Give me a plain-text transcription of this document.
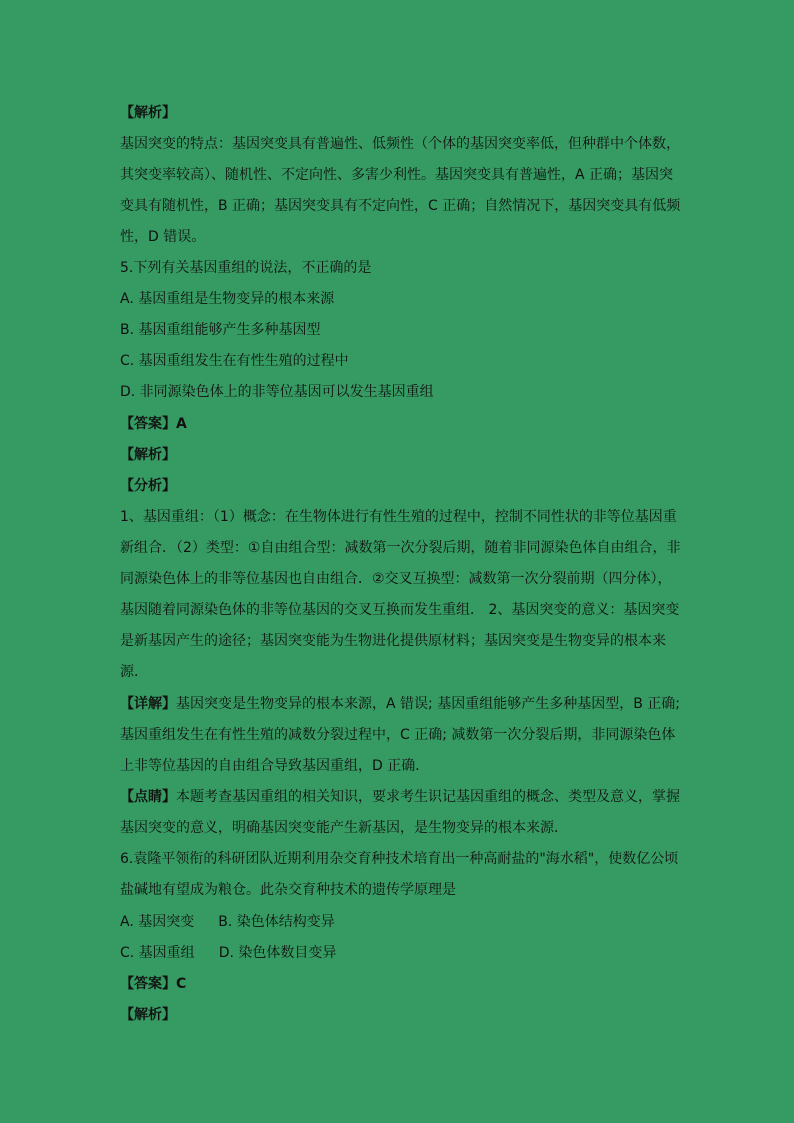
【解析】
基因突变的特点：基因突变具有普遍性、低频性（个体的基因突变率低，但种群中个体数，
其突变率较高）、随机性、不定向性、多害少利性。基因突变具有普遍性，A 正确；基因突
变具有随机性，B 正确；基因突变具有不定向性，C 正确；自然情况下，基因突变具有低频
性，D 错误。
5.下列有关基因重组的说法，不正确的是
A. 基因重组是生物变异的根本来源
B. 基因重组能够产生多种基因型
C. 基因重组发生在有性生殖的过程中
D. 非同源染色体上的非等位基因可以发生基因重组
【答案】A
【解析】
【分析】
1、基因重组：（1）概念：在生物体进行有性生殖的过程中，控制不同性状的非等位基因重
新组合．（2）类型：①自由组合型：减数第一次分裂后期，随着非同源染色体自由组合，非
同源染色体上的非等位基因也自由组合．②交叉互换型：减数第一次分裂前期（四分体），
基因随着同源染色体的非等位基因的交叉互换而发生重组． 2、基因突变的意义：基因突变
是新基因产生的途径；基因突变能为生物进化提供原材料；基因突变是生物变异的根本来
源．
【详解】基因突变是生物变异的根本来源，A 错误; 基因重组能够产生多种基因型，B 正确;
基因重组发生在有性生殖的减数分裂过程中，C 正确; 减数第一次分裂后期，非同源染色体
上非等位基因的自由组合导致基因重组，D 正确．
【点睛】本题考查基因重组的相关知识，要求考生识记基因重组的概念、类型及意义，掌握
基因突变的意义，明确基因突变能产生新基因，是生物变异的根本来源．
6.袁隆平领衔的科研团队近期利用杂交育种技术培育出一种高耐盐的"海水稻"，使数亿公顷
盐碱地有望成为粮仓。此杂交育种技术的遗传学原理是
A. 基因突变 B. 染色体结构变异
C. 基因重组 D. 染色体数目变异
【答案】C
【解析】
